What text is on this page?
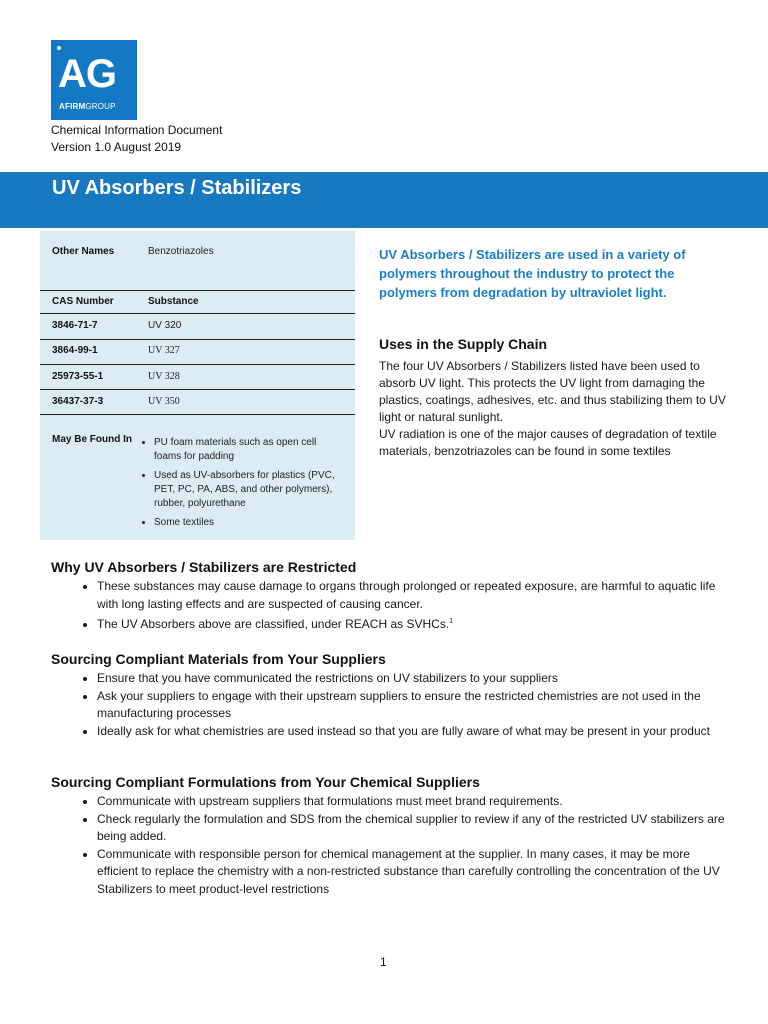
AG
AFIRMGROUP
Chemical Information Document
Version 1.0 August 2019
UV Absorbers / Stabilizers
Other Names	Benzotriazoles
CAS Number	Substance
3846-71-7	UV 320
3864-99-1	UV 327
25973-55-1	UV 328
36437-37-3	UV 350
May Be Found In
• PU foam materials such as open cell foams for padding
• Used as UV-absorbers for plastics (PVC, PET, PC, PA, ABS, and other polymers), rubber, polyurethane
• Some textiles
UV Absorbers / Stabilizers are used in a variety of polymers throughout the industry to protect the polymers from degradation by ultraviolet light.
Uses in the Supply Chain
The four UV Absorbers / Stabilizers listed have been used to absorb UV light. This protects the UV light from damaging the plastics, coatings, adhesives, etc. and thus stabilizing them to UV light or natural sunlight.
UV radiation is one of the major causes of degradation of textile materials, benzotriazoles can be found in some textiles
Why UV Absorbers / Stabilizers are Restricted
• These substances may cause damage to organs through prolonged or repeated exposure, are harmful to aquatic life with long lasting effects and are suspected of causing cancer.
• The UV Absorbers above are classified, under REACH as SVHCs.$^1$
Sourcing Compliant Materials from Your Suppliers
• Ensure that you have communicated the restrictions on UV stabilizers to your suppliers
• Ask your suppliers to engage with their upstream suppliers to ensure the restricted chemistries are not used in the manufacturing processes
• Ideally ask for what chemistries are used instead so that you are fully aware of what may be present in your product
Sourcing Compliant Formulations from Your Chemical Suppliers
• Communicate with upstream suppliers that formulations must meet brand requirements.
• Check regularly the formulation and SDS from the chemical supplier to review if any of the restricted UV stabilizers are being added.
• Communicate with responsible person for chemical management at the supplier. In many cases, it may be more efficient to replace the chemistry with a non-restricted substance than carefully controlling the concentration of the UV Stabilizers to meet product-level restrictions
1
